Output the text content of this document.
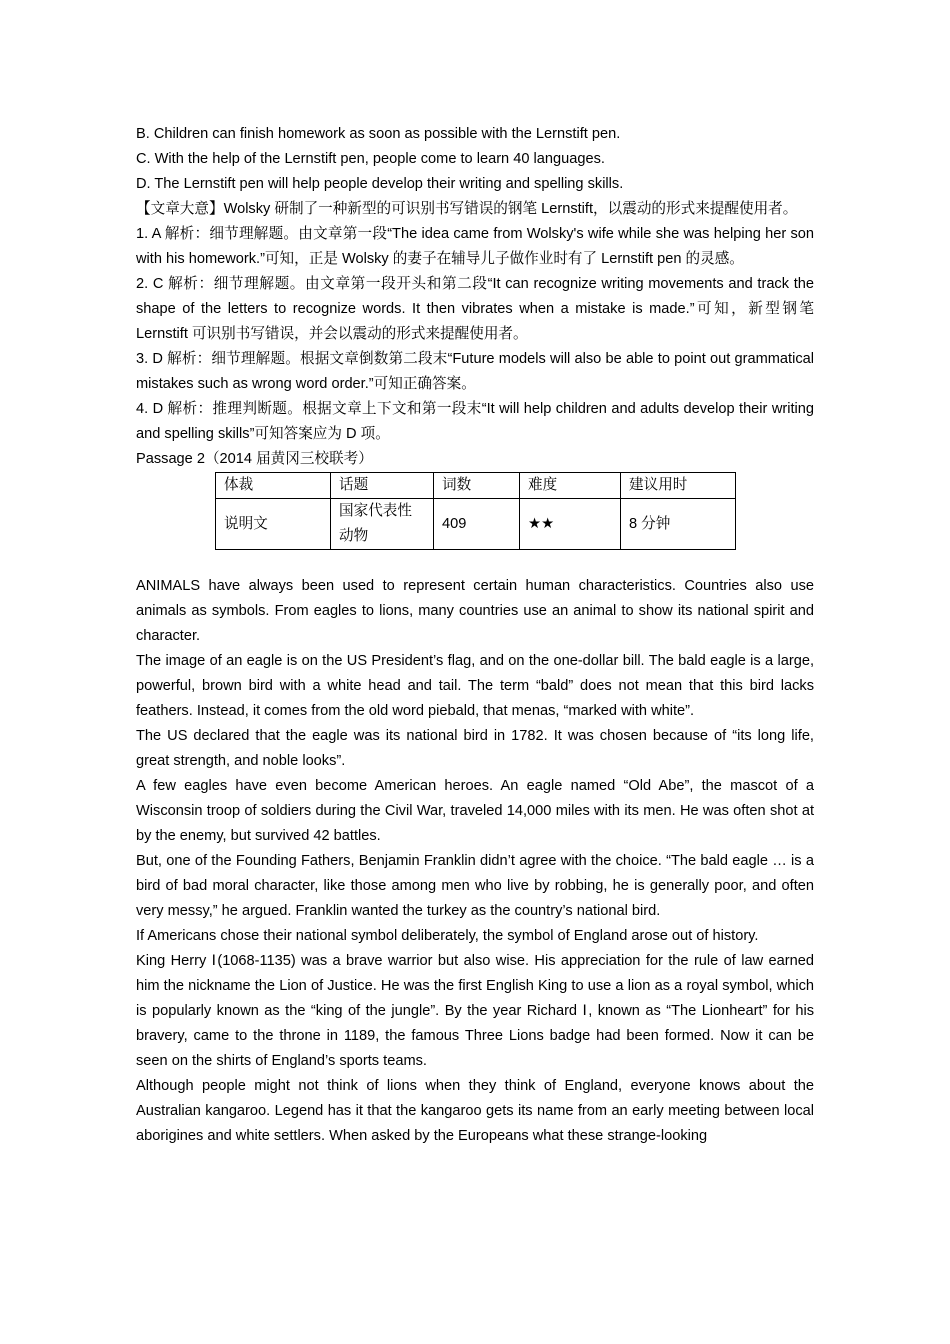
B. Children can finish homework as soon as possible with the Lernstift pen.

C. With the help of the Lernstift pen, people come to learn 40 languages.

D. The Lernstift pen will help people develop their writing and spelling skills.

【文章大意】Wolsky 研制了一种新型的可识别书写错误的钢笔 Lernstift，以震动的形式来提醒使用者。

1. A 解析：细节理解题。由文章第一段“The idea came from Wolsky's wife while she was helping her son with his homework.”可知，正是 Wolsky 的妻子在辅导儿子做作业时有了 Lernstift pen 的灵感。

2. C 解析：细节理解题。由文章第一段开头和第二段“It can recognize writing movements and track the shape of the letters to recognize words. It then vibrates when a mistake is made.”可知，新型钢笔 Lernstift 可识别书写错误，并会以震动的形式来提醒使用者。

3. D 解析：细节理解题。根据文章倒数第二段末“Future models will also be able to point out grammatical mistakes such as wrong word order.”可知正确答案。

4. D 解析：推理判断题。根据文章上下文和第一段末“It will help children and adults develop their writing and spelling skills”可知答案应为 D 项。

Passage 2（2014 届黄冈三校联考）

体裁	话题	词数	难度	建议用时
说明文	国家代表性动物	409	★★	8 分钟

ANIMALS have always been used to represent certain human characteristics. Countries also use animals as symbols. From eagles to lions, many countries use an animal to show its national spirit and character.

The image of an eagle is on the US President’s flag, and on the one-dollar bill. The bald eagle is a large, powerful, brown bird with a white head and tail. The term “bald” does not mean that this bird lacks feathers. Instead, it comes from the old word piebald, that menas, “marked with white”.

The US declared that the eagle was its national bird in 1782. It was chosen because of “its long life, great strength, and noble looks”.

A few eagles have even become American heroes. An eagle named “Old Abe”, the mascot of a Wisconsin troop of soldiers during the Civil War, traveled 14,000 miles with its men. He was often shot at by the enemy, but survived 42 battles.

But, one of the Founding Fathers, Benjamin Franklin didn’t agree with the choice. “The bald eagle … is a bird of bad moral character, like those among men who live by robbing, he is generally poor, and often very messy,” he argued. Franklin wanted the turkey as the country’s national bird.

If Americans chose their national symbol deliberately, the symbol of England arose out of history.

King Herry Ⅰ(1068-1135) was a brave warrior but also wise. His appreciation for the rule of law earned him the nickname the Lion of Justice. He was the first English King to use a lion as a royal symbol, which is popularly known as the “king of the jungle”. By the year Richard Ⅰ, known as “The Lionheart” for his bravery, came to the throne in 1189, the famous Three Lions badge had been formed. Now it can be seen on the shirts of England’s sports teams.

Although people might not think of lions when they think of England, everyone knows about the Australian kangaroo. Legend has it that the kangaroo gets its name from an early meeting between local aborigines and white settlers. When asked by the Europeans what these strange-looking
